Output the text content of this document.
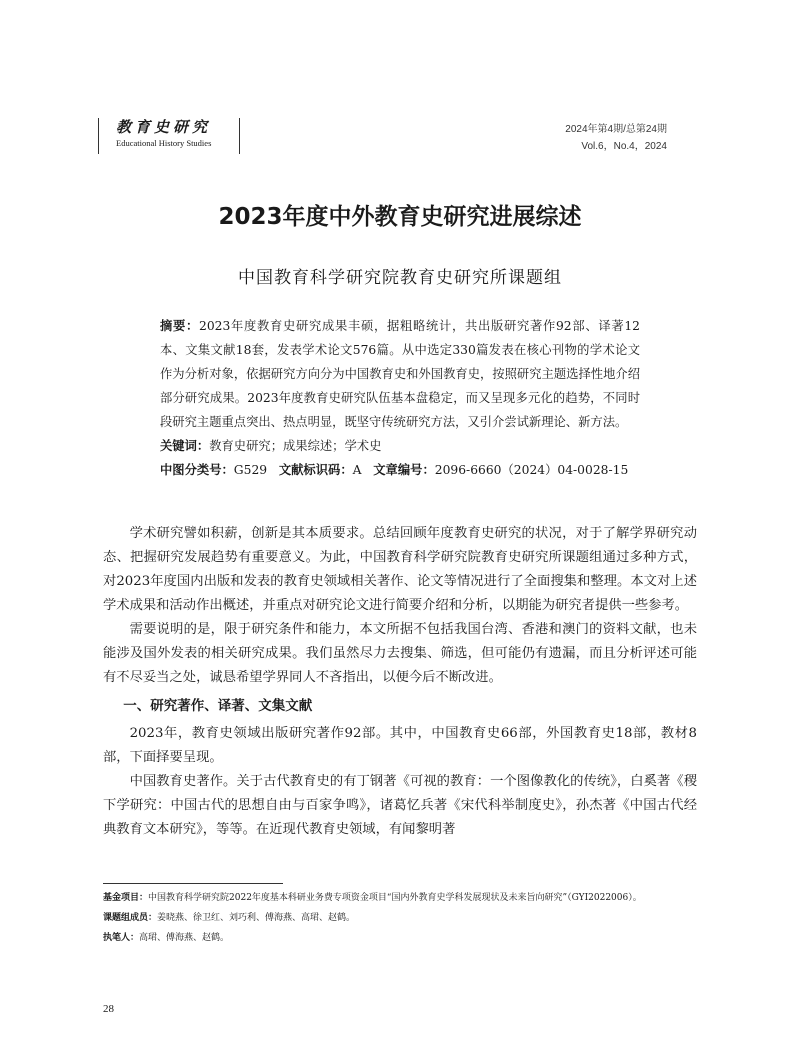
教育史研究
Educational History Studies
2024年第4期/总第24期
Vol.6，No.4，2024
2023年度中外教育史研究进展综述
中国教育科学研究院教育史研究所课题组

摘要：2023年度教育史研究成果丰硕，据粗略统计，共出版研究著作92部、译著12本、文集文献18套，发表学术论文576篇。从中选定330篇发表在核心刊物的学术论文作为分析对象，依据研究方向分为中国教育史和外国教育史，按照研究主题选择性地介绍部分研究成果。2023年度教育史研究队伍基本盘稳定，而又呈现多元化的趋势，不同时段研究主题重点突出、热点明显，既坚守传统研究方法，又引介尝试新理论、新方法。

关键词：教育史研究；成果综述；学术史

中图分类号：G529 文献标识码：A 文章编号：2096-6660（2024）04-0028-15

学术研究譬如积薪，创新是其本质要求。总结回顾年度教育史研究的状况，对于了解学界研究动态、把握研究发展趋势有重要意义。为此，中国教育科学研究院教育史研究所课题组通过多种方式，对2023年度国内出版和发表的教育史领域相关著作、论文等情况进行了全面搜集和整理。本文对上述学术成果和活动作出概述，并重点对研究论文进行简要介绍和分析，以期能为研究者提供一些参考。

需要说明的是，限于研究条件和能力，本文所据不包括我国台湾、香港和澳门的资料文献，也未能涉及国外发表的相关研究成果。我们虽然尽力去搜集、筛选，但可能仍有遗漏，而且分析评述可能有不尽妥当之处，诚恳希望学界同人不吝指出，以便今后不断改进。

一、研究著作、译著、文集文献

2023年，教育史领域出版研究著作92部。其中，中国教育史66部，外国教育史18部，教材8部，下面择要呈现。

中国教育史著作。关于古代教育史的有丁钢著《可视的教育：一个图像教化的传统》，白奚著《稷下学研究：中国古代的思想自由与百家争鸣》，诸葛忆兵著《宋代科举制度史》，孙杰著《中国古代经典教育文本研究》，等等。在近现代教育史领域，有闻黎明著

基金项目：中国教育科学研究院2022年度基本科研业务费专项资金项目“国内外教育史学科发展现状及未来旨向研究”（GYI2022006）。

课题组成员：姜晓燕、徐卫红、刘巧利、傅海燕、高珺、赵鹤。

执笔人：高珺、傅海燕、赵鹤。

28
